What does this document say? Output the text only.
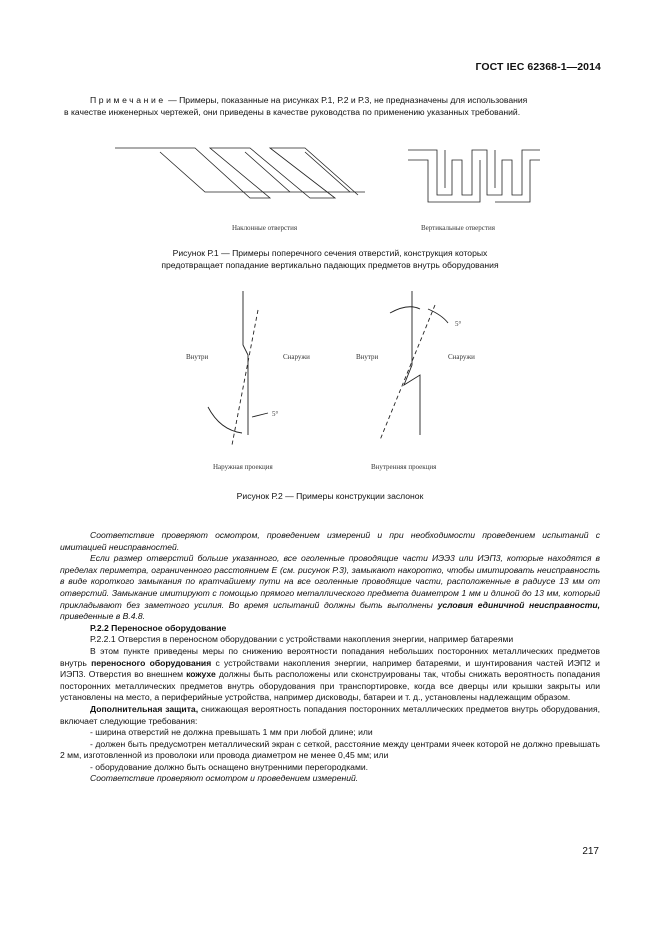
ГОСТ IEC 62368-1—2014
Примечание — Примеры, показанные на рисунках Р.1, Р.2 и Р.3, не предназначены для использования
в качестве инженерных чертежей, они приведены в качестве руководства по применению указанных требований.
Наклонные отверстия	Вертикальные отверстия
Рисунок Р.1 — Примеры поперечного сечения отверстий, конструкция которых
предотвращает попадание вертикально падающих предметов внутрь оборудования
Внутри	Снаружи
5°
Наружная проекция
Внутри	Снаружи
5°
Внутренняя проекция
Рисунок Р.2 — Примеры конструкции заслонок

Соответствие проверяют осмотром, проведением измерений и при необходимости проведением испытаний с имитацией неисправностей.

Если размер отверстий больше указанного, все оголенные проводящие части ИЭЭ3 или ИЭП3, которые находятся в пределах периметра, ограниченного расстоянием Е (см. рисунок Р.3), замыкают накоротко, чтобы имитировать неисправность в виде короткого замыкания по кратчайшему пути на все оголенные проводящие части, расположенные в радиусе 13 мм от отверстий. Замыкание имитируют с помощью прямого металлического предмета диаметром 1 мм и длиной до 13 мм, который прикладывают без заметного усилия. Во время испытаний должны быть выполнены условия единичной неисправности, приведенные в В.4.8.

Р.2.2 Переносное оборудование

Р.2.2.1 Отверстия в переносном оборудовании с устройствами накопления энергии, например батареями

В этом пункте приведены меры по снижению вероятности попадания небольших посторонних металлических предметов внутрь переносного оборудования с устройствами накопления энергии, например батареями, и шунтирования частей ИЭП2 и ИЭП3. Отверстия во внешнем кожухе должны быть расположены или сконструированы так, чтобы снижать вероятность попадания посторонних металлических предметов внутрь оборудования при транспортировке, когда все дверцы или крышки закрыты или установлены на место, а периферийные устройства, например дисководы, батареи и т. д., установлены надлежащим образом.

Дополнительная защита, снижающая вероятность попадания посторонних металлических предметов внутрь оборудования, включает следующие требования:

- ширина отверстий не должна превышать 1 мм при любой длине; или

- должен быть предусмотрен металлический экран с сеткой, расстояние между центрами ячеек которой не должно превышать 2 мм, изготовленной из проволоки или провода диаметром не менее 0,45 мм; или

- оборудование должно быть оснащено внутренними перегородками.

Соответствие проверяют осмотром и проведением измерений.

217
